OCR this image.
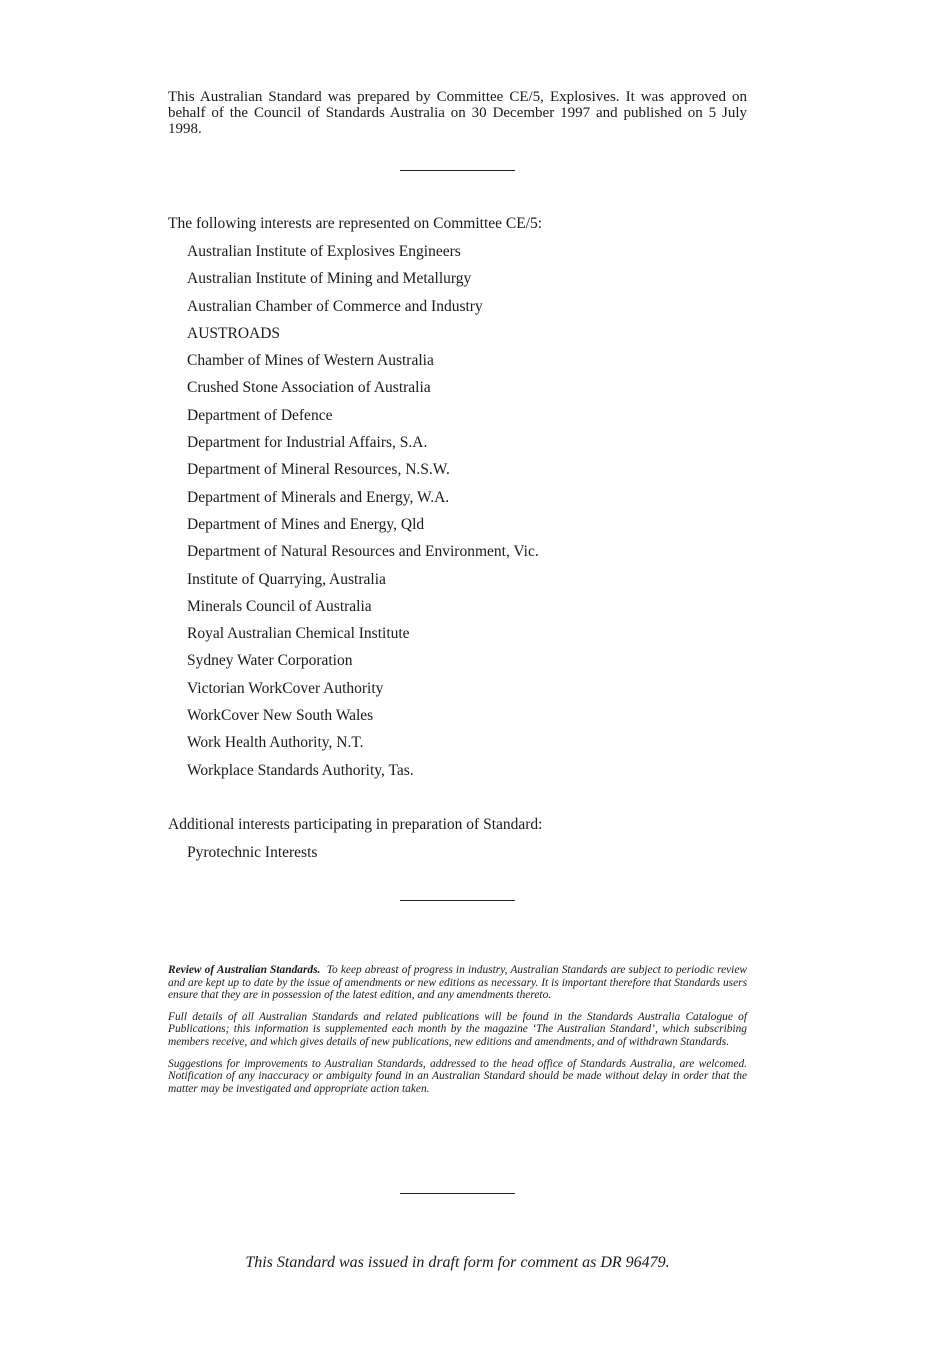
This Australian Standard was prepared by Committee CE/5, Explosives. It was approved on behalf of the Council of Standards Australia on 30 December 1997 and published on 5 July 1998.

The following interests are represented on Committee CE/5:

Australian Institute of Explosives Engineers
Australian Institute of Mining and Metallurgy
Australian Chamber of Commerce and Industry
AUSTROADS
Chamber of Mines of Western Australia
Crushed Stone Association of Australia
Department of Defence
Department for Industrial Affairs, S.A.
Department of Mineral Resources, N.S.W.
Department of Minerals and Energy, W.A.
Department of Mines and Energy, Qld
Department of Natural Resources and Environment, Vic.
Institute of Quarrying, Australia
Minerals Council of Australia
Royal Australian Chemical Institute
Sydney Water Corporation
Victorian WorkCover Authority
WorkCover New South Wales
Work Health Authority, N.T.
Workplace Standards Authority, Tas.

Additional interests participating in preparation of Standard:

Pyrotechnic Interests

Review of Australian Standards. To keep abreast of progress in industry, Australian Standards are subject to periodic review and are kept up to date by the issue of amendments or new editions as necessary. It is important therefore that Standards users ensure that they are in possession of the latest edition, and any amendments thereto.

Full details of all Australian Standards and related publications will be found in the Standards Australia Catalogue of Publications; this information is supplemented each month by the magazine ‘The Australian Standard’, which subscribing members receive, and which gives details of new publications, new editions and amendments, and of withdrawn Standards.

Suggestions for improvements to Australian Standards, addressed to the head office of Standards Australia, are welcomed. Notification of any inaccuracy or ambiguity found in an Australian Standard should be made without delay in order that the matter may be investigated and appropriate action taken.

This Standard was issued in draft form for comment as DR 96479.
